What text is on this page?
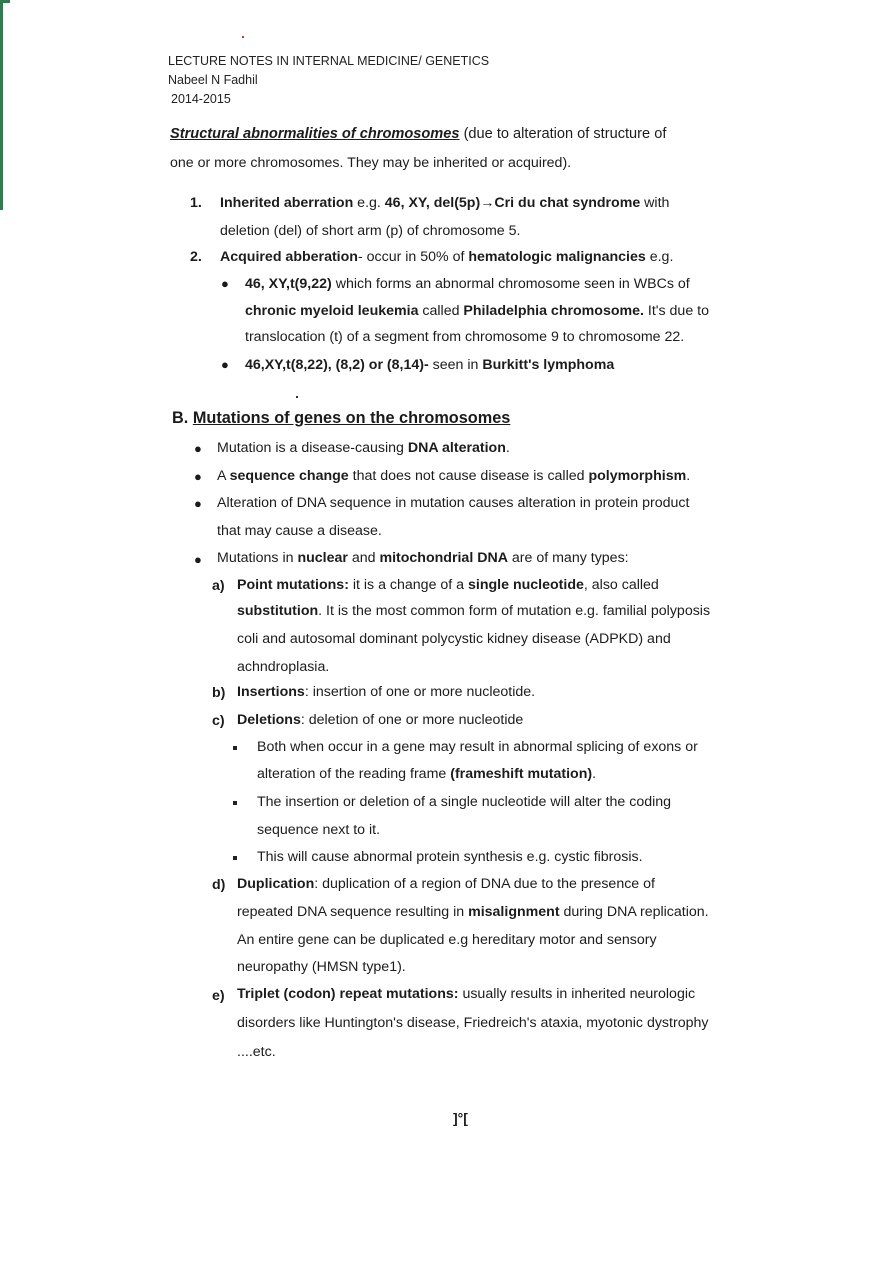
LECTURE NOTES IN INTERNAL MEDICINE/ GENETICS
Nabeel N Fadhil
2014-2015
Structural abnormalities of chromosomes (due to alteration of structure of
one or more chromosomes. They may be inherited or acquired).
1. Inherited aberration e.g. 46, XY, del(5p)→Cri du chat syndrome with
deletion (del) of short arm (p) of chromosome 5.
2. Acquired abberation- occur in 50% of hematologic malignancies e.g.
● 46, XY,t(9,22) which forms an abnormal chromosome seen in WBCs of
chronic myeloid leukemia called Philadelphia chromosome. It's due to
translocation (t) of a segment from chromosome 9 to chromosome 22.
● 46,XY,t(8,22), (8,2) or (8,14)- seen in Burkitt's lymphoma
B. Mutations of genes on the chromosomes
● Mutation is a disease-causing DNA alteration.
● A sequence change that does not cause disease is called polymorphism.
● Alteration of DNA sequence in mutation causes alteration in protein product
that may cause a disease.
● Mutations in nuclear and mitochondrial DNA are of many types:
a) Point mutations: it is a change of a single nucleotide, also called
substitution. It is the most common form of mutation e.g. familial polyposis
coli and autosomal dominant polycystic kidney disease (ADPKD) and
achndroplasia.
b) Insertions: insertion of one or more nucleotide.
c) Deletions: deletion of one or more nucleotide
Both when occur in a gene may result in abnormal splicing of exons or
alteration of the reading frame (frameshift mutation).
The insertion or deletion of a single nucleotide will alter the coding
sequence next to it.
This will cause abnormal protein synthesis e.g. cystic fibrosis.
d) Duplication: duplication of a region of DNA due to the presence of
repeated DNA sequence resulting in misalignment during DNA replication.
An entire gene can be duplicated e.g hereditary motor and sensory
neuropathy (HMSN type1).
e) Triplet (codon) repeat mutations: usually results in inherited neurologic
disorders like Huntington's disease, Friedreich's ataxia, myotonic dystrophy
....etc.
]°[
